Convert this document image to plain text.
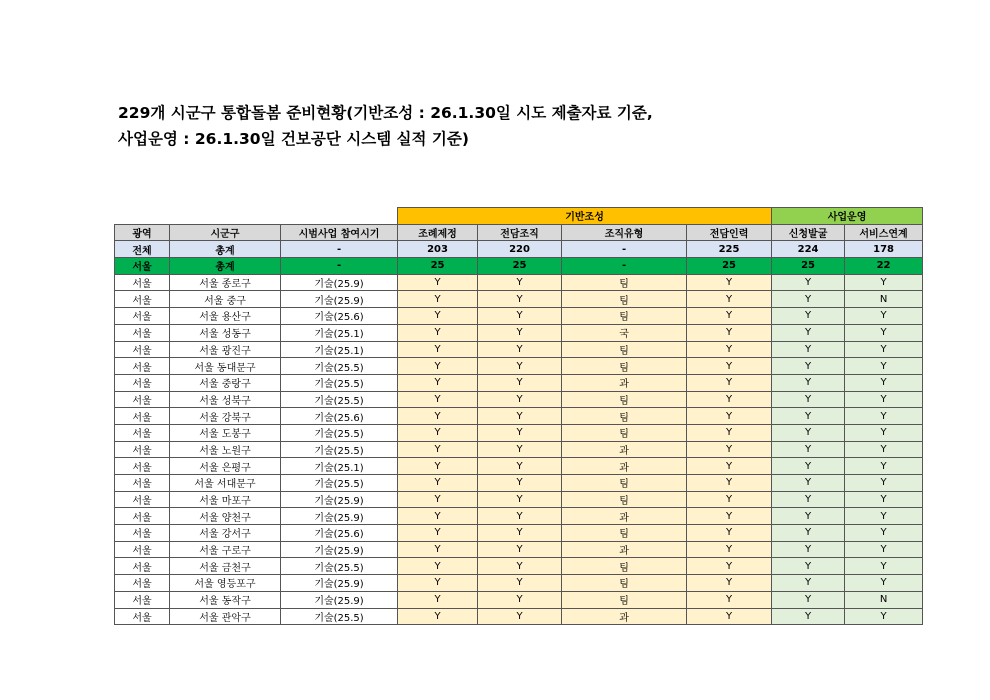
229개 시군구 통합돌봄 준비현황(기반조성 : 26.1.30일 시도 제출자료 기준,
사업운영 : 26.1.30일 건보공단 시스템 실적 기준)
			기반조성				사업운영	
광역	시군구	시범사업 참여시기	조례제정	전담조직	조직유형	전담인력	신청발굴	서비스연계
전체	총계	-	203	220	-	225	224	178
서울	총계	-	25	25	-	25	25	22
서울	서울 종로구	기술(25.9)	Y	Y	팀	Y	Y	Y
서울	서울 중구	기술(25.9)	Y	Y	팀	Y	Y	N
서울	서울 용산구	기술(25.6)	Y	Y	팀	Y	Y	Y
서울	서울 성동구	기술(25.1)	Y	Y	국	Y	Y	Y
서울	서울 광진구	기술(25.1)	Y	Y	팀	Y	Y	Y
서울	서울 동대문구	기술(25.5)	Y	Y	팀	Y	Y	Y
서울	서울 중랑구	기술(25.5)	Y	Y	과	Y	Y	Y
서울	서울 성북구	기술(25.5)	Y	Y	팀	Y	Y	Y
서울	서울 강북구	기술(25.6)	Y	Y	팀	Y	Y	Y
서울	서울 도봉구	기술(25.5)	Y	Y	팀	Y	Y	Y
서울	서울 노원구	기술(25.5)	Y	Y	과	Y	Y	Y
서울	서울 은평구	기술(25.1)	Y	Y	과	Y	Y	Y
서울	서울 서대문구	기술(25.5)	Y	Y	팀	Y	Y	Y
서울	서울 마포구	기술(25.9)	Y	Y	팀	Y	Y	Y
서울	서울 양천구	기술(25.9)	Y	Y	과	Y	Y	Y
서울	서울 강서구	기술(25.6)	Y	Y	팀	Y	Y	Y
서울	서울 구로구	기술(25.9)	Y	Y	과	Y	Y	Y
서울	서울 금천구	기술(25.5)	Y	Y	팀	Y	Y	Y
서울	서울 영등포구	기술(25.9)	Y	Y	팀	Y	Y	Y
서울	서울 동작구	기술(25.9)	Y	Y	팀	Y	Y	N
서울	서울 관악구	기술(25.5)	Y	Y	과	Y	Y	Y
